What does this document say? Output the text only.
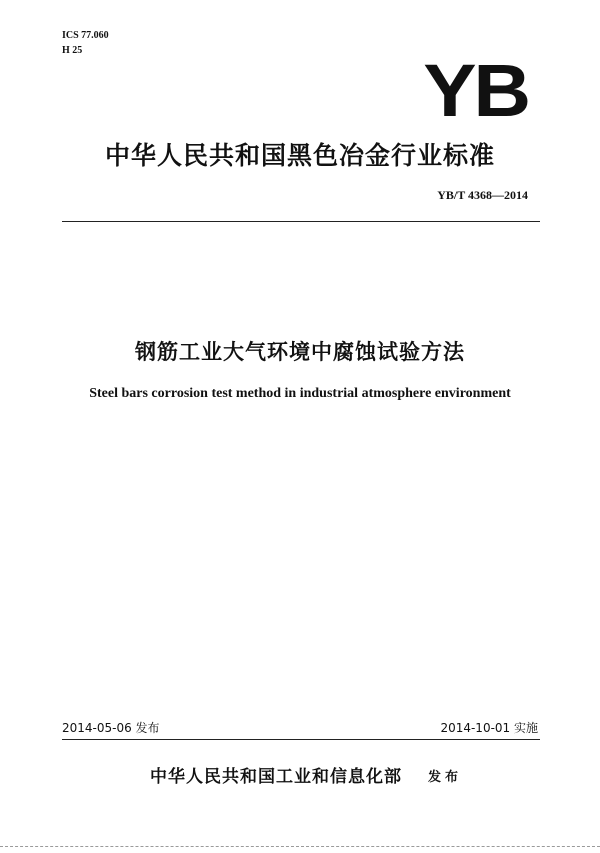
ICS 77.060
H 25	YB
中华人民共和国黑色冶金行业标准
YB/T 4368—2014
钢筋工业大气环境中腐蚀试验方法
Steel bars corrosion test method in industrial atmosphere environment
2014-05-06 发布	2014-10-01 实施
中华人民共和国工业和信息化部 发布
